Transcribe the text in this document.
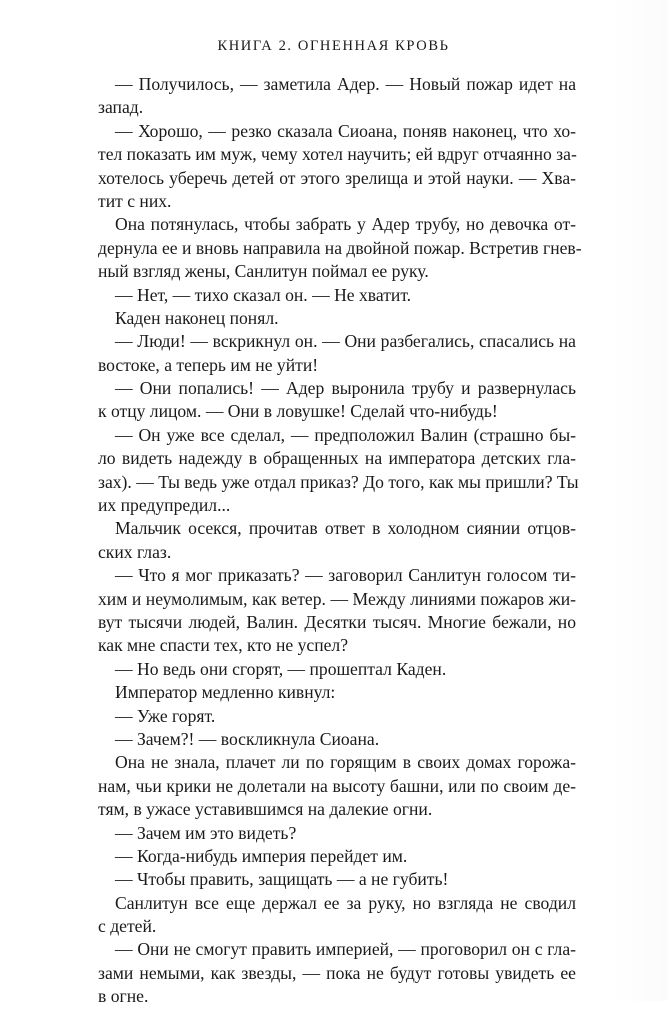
КНИГА 2. ОГНЕННАЯ КРОВЬ
— Получилось, — заметила Адер. — Новый пожар идет на
запад.
— Хорошо, — резко сказала Сиоана, поняв наконец, что хо-
тел показать им муж, чему хотел научить; ей вдруг отчаянно за-
хотелось уберечь детей от этого зрелища и этой науки. — Хва-
тит с них.
Она потянулась, чтобы забрать у Адер трубу, но девочка от-
дернула ее и вновь направила на двойной пожар. Встретив гнев-
ный взгляд жены, Санлитун поймал ее руку.
— Нет, — тихо сказал он. — Не хватит.
Каден наконец понял.
— Люди! — вскрикнул он. — Они разбегались, спасались на
востоке, а теперь им не уйти!
— Они попались! — Адер выронила трубу и развернулась
к отцу лицом. — Они в ловушке! Сделай что-нибудь!
— Он уже все сделал, — предположил Валин (страшно бы-
ло видеть надежду в обращенных на императора детских гла-
зах). — Ты ведь уже отдал приказ? До того, как мы пришли? Ты
их предупредил...
Мальчик осекся, прочитав ответ в холодном сиянии отцов-
ских глаз.
— Что я мог приказать? — заговорил Санлитун голосом ти-
хим и неумолимым, как ветер. — Между линиями пожаров жи-
вут тысячи людей, Валин. Десятки тысяч. Многие бежали, но
как мне спасти тех, кто не успел?
— Но ведь они сгорят, — прошептал Каден.
Император медленно кивнул:
— Уже горят.
— Зачем?! — воскликнула Сиоана.
Она не знала, плачет ли по горящим в своих домах горожа-
нам, чьи крики не долетали на высоту башни, или по своим де-
тям, в ужасе уставившимся на далекие огни.
— Зачем им это видеть?
— Когда-нибудь империя перейдет им.
— Чтобы править, защищать — а не губить!
Санлитун все еще держал ее за руку, но взгляда не сводил
с детей.
— Они не смогут править империей, — проговорил он с гла-
зами немыми, как звезды, — пока не будут готовы увидеть ее
в огне.
